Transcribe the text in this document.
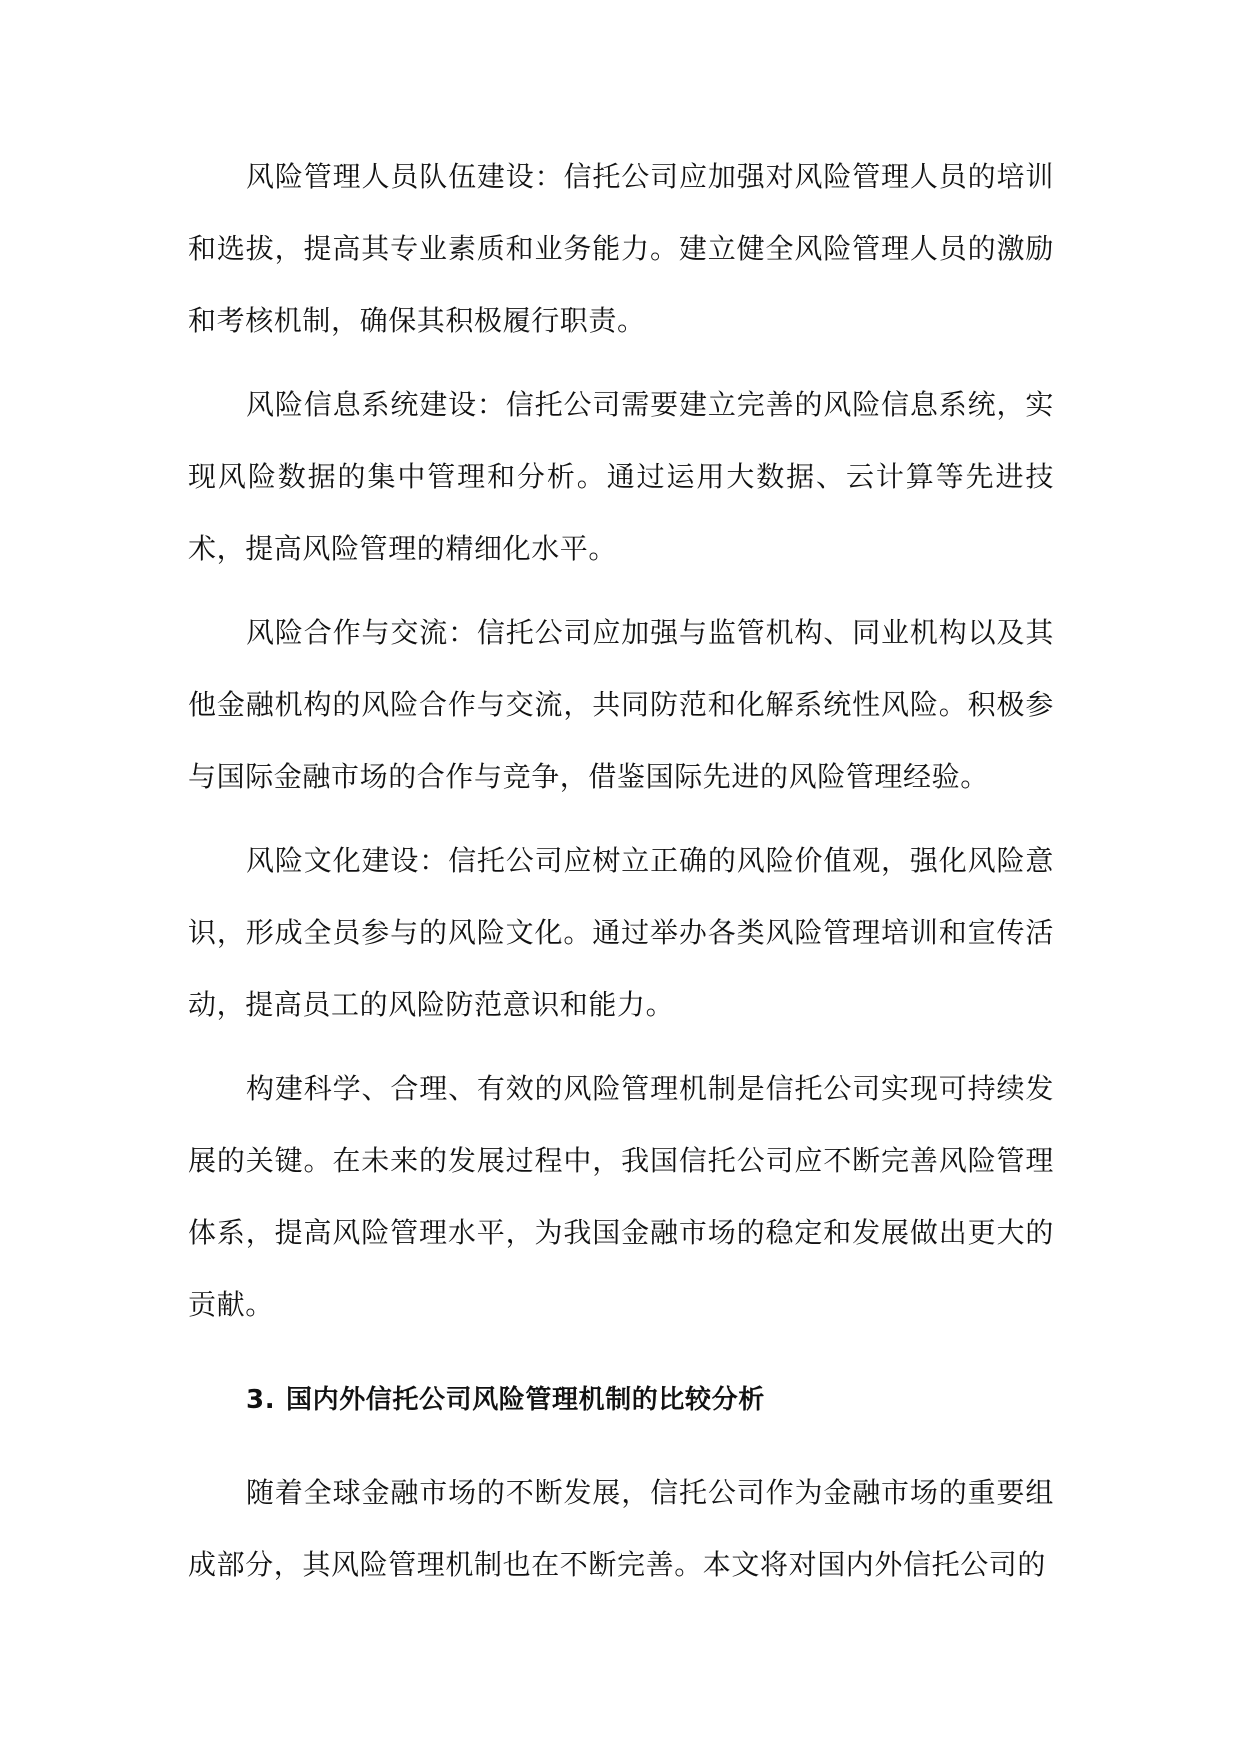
风险管理人员队伍建设：信托公司应加强对风险管理人员的培训和选拔，提高其专业素质和业务能力。建立健全风险管理人员的激励和考核机制，确保其积极履行职责。

风险信息系统建设：信托公司需要建立完善的风险信息系统，实现风险数据的集中管理和分析。通过运用大数据、云计算等先进技术，提高风险管理的精细化水平。

风险合作与交流：信托公司应加强与监管机构、同业机构以及其他金融机构的风险合作与交流，共同防范和化解系统性风险。积极参与国际金融市场的合作与竞争，借鉴国际先进的风险管理经验。

风险文化建设：信托公司应树立正确的风险价值观，强化风险意识，形成全员参与的风险文化。通过举办各类风险管理培训和宣传活动，提高员工的风险防范意识和能力。

构建科学、合理、有效的风险管理机制是信托公司实现可持续发展的关键。在未来的发展过程中，我国信托公司应不断完善风险管理体系，提高风险管理水平，为我国金融市场的稳定和发展做出更大的贡献。

3. 国内外信托公司风险管理机制的比较分析

随着全球金融市场的不断发展，信托公司作为金融市场的重要组成部分，其风险管理机制也在不断完善。本文将对国内外信托公司的
